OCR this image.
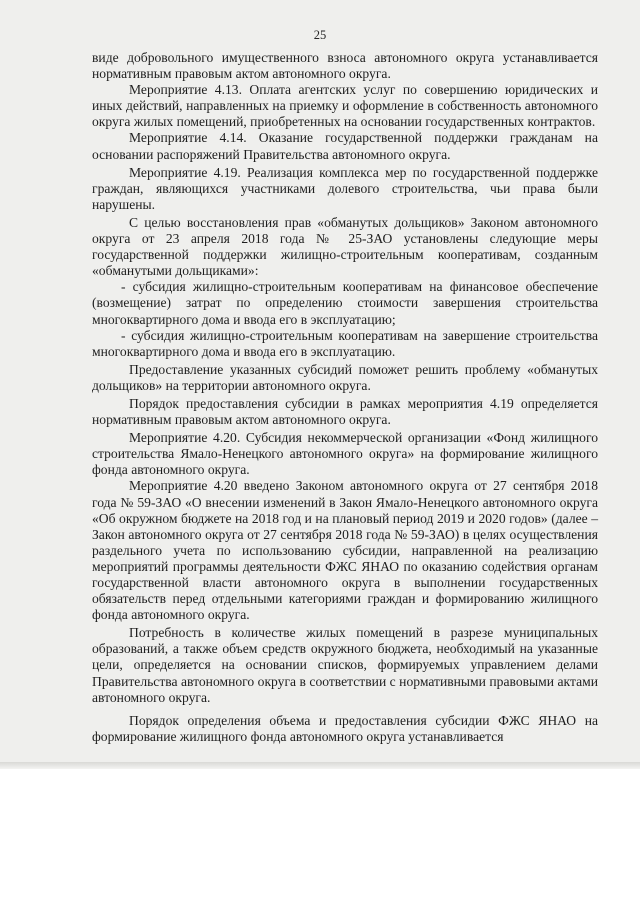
25

виде добровольного имущественного взноса автономного округа устанавливается нормативным правовым актом автономного округа.

Мероприятие 4.13. Оплата агентских услуг по совершению юридических и иных действий, направленных на приемку и оформление в собственность автономного округа жилых помещений, приобретенных на основании государственных контрактов.

Мероприятие 4.14. Оказание государственной поддержки гражданам на основании распоряжений Правительства автономного округа.

Мероприятие 4.19. Реализация комплекса мер по государственной поддержке граждан, являющихся участниками долевого строительства, чьи права были нарушены.

С целью восстановления прав «обманутых дольщиков» Законом автономного округа от 23 апреля 2018 года № 25-ЗАО установлены следующие меры государственной поддержки жилищно-строительным кооперативам, созданным «обманутыми дольщиками»:

- субсидия жилищно-строительным кооперативам на финансовое обеспечение (возмещение) затрат по определению стоимости завершения строительства многоквартирного дома и ввода его в эксплуатацию;

- субсидия жилищно-строительным кооперативам на завершение строительства многоквартирного дома и ввода его в эксплуатацию.

Предоставление указанных субсидий поможет решить проблему «обманутых дольщиков» на территории автономного округа.

Порядок предоставления субсидии в рамках мероприятия 4.19 определяется нормативным правовым актом автономного округа.

Мероприятие 4.20. Субсидия некоммерческой организации «Фонд жилищного строительства Ямало-Ненецкого автономного округа» на формирование жилищного фонда автономного округа.

Мероприятие 4.20 введено Законом автономного округа от 27 сентября 2018 года № 59-ЗАО «О внесении изменений в Закон Ямало-Ненецкого автономного округа «Об окружном бюджете на 2018 год и на плановый период 2019 и 2020 годов» (далее – Закон автономного округа от 27 сентября 2018 года № 59-ЗАО) в целях осуществления раздельного учета по использованию субсидии, направленной на реализацию мероприятий программы деятельности ФЖС ЯНАО по оказанию содействия органам государственной власти автономного округа в выполнении государственных обязательств перед отдельными категориями граждан и формированию жилищного фонда автономного округа.

Потребность в количестве жилых помещений в разрезе муниципальных образований, а также объем средств окружного бюджета, необходимый на указанные цели, определяется на основании списков, формируемых управлением делами Правительства автономного округа в соответствии с нормативными правовыми актами автономного округа.

Порядок определения объема и предоставления субсидии ФЖС ЯНАО на формирование жилищного фонда автономного округа устанавливается
